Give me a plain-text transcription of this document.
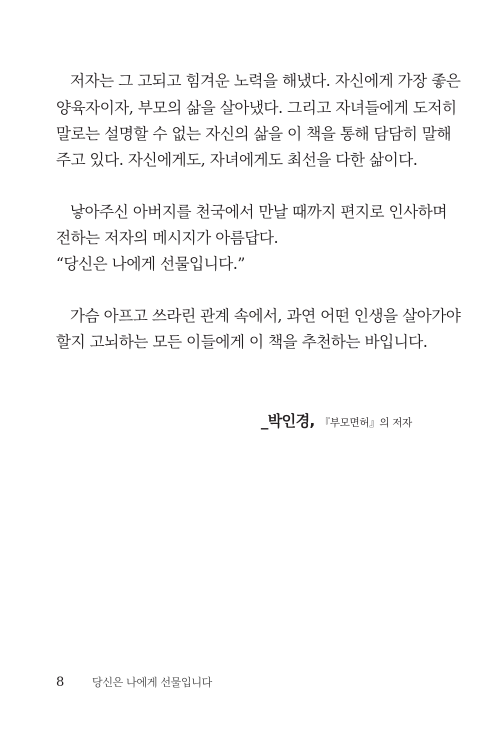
저자는 그 고되고 힘겨운 노력을 해냈다. 자신에게 가장 좋은
양육자이자, 부모의 삶을 살아냈다. 그리고 자녀들에게 도저히
말로는 설명할 수 없는 자신의 삶을 이 책을 통해 담담히 말해
주고 있다. 자신에게도, 자녀에게도 최선을 다한 삶이다.
낳아주신 아버지를 천국에서 만날 때까지 편지로 인사하며
전하는 저자의 메시지가 아름답다.
“당신은 나에게 선물입니다.”
가슴 아프고 쓰라린 관계 속에서, 과연 어떤 인생을 살아가야
할지 고뇌하는 모든 이들에게 이 책을 추천하는 바입니다.
_박인경, 『부모면허』의 저자
8	당신은 나에게 선물입니다
